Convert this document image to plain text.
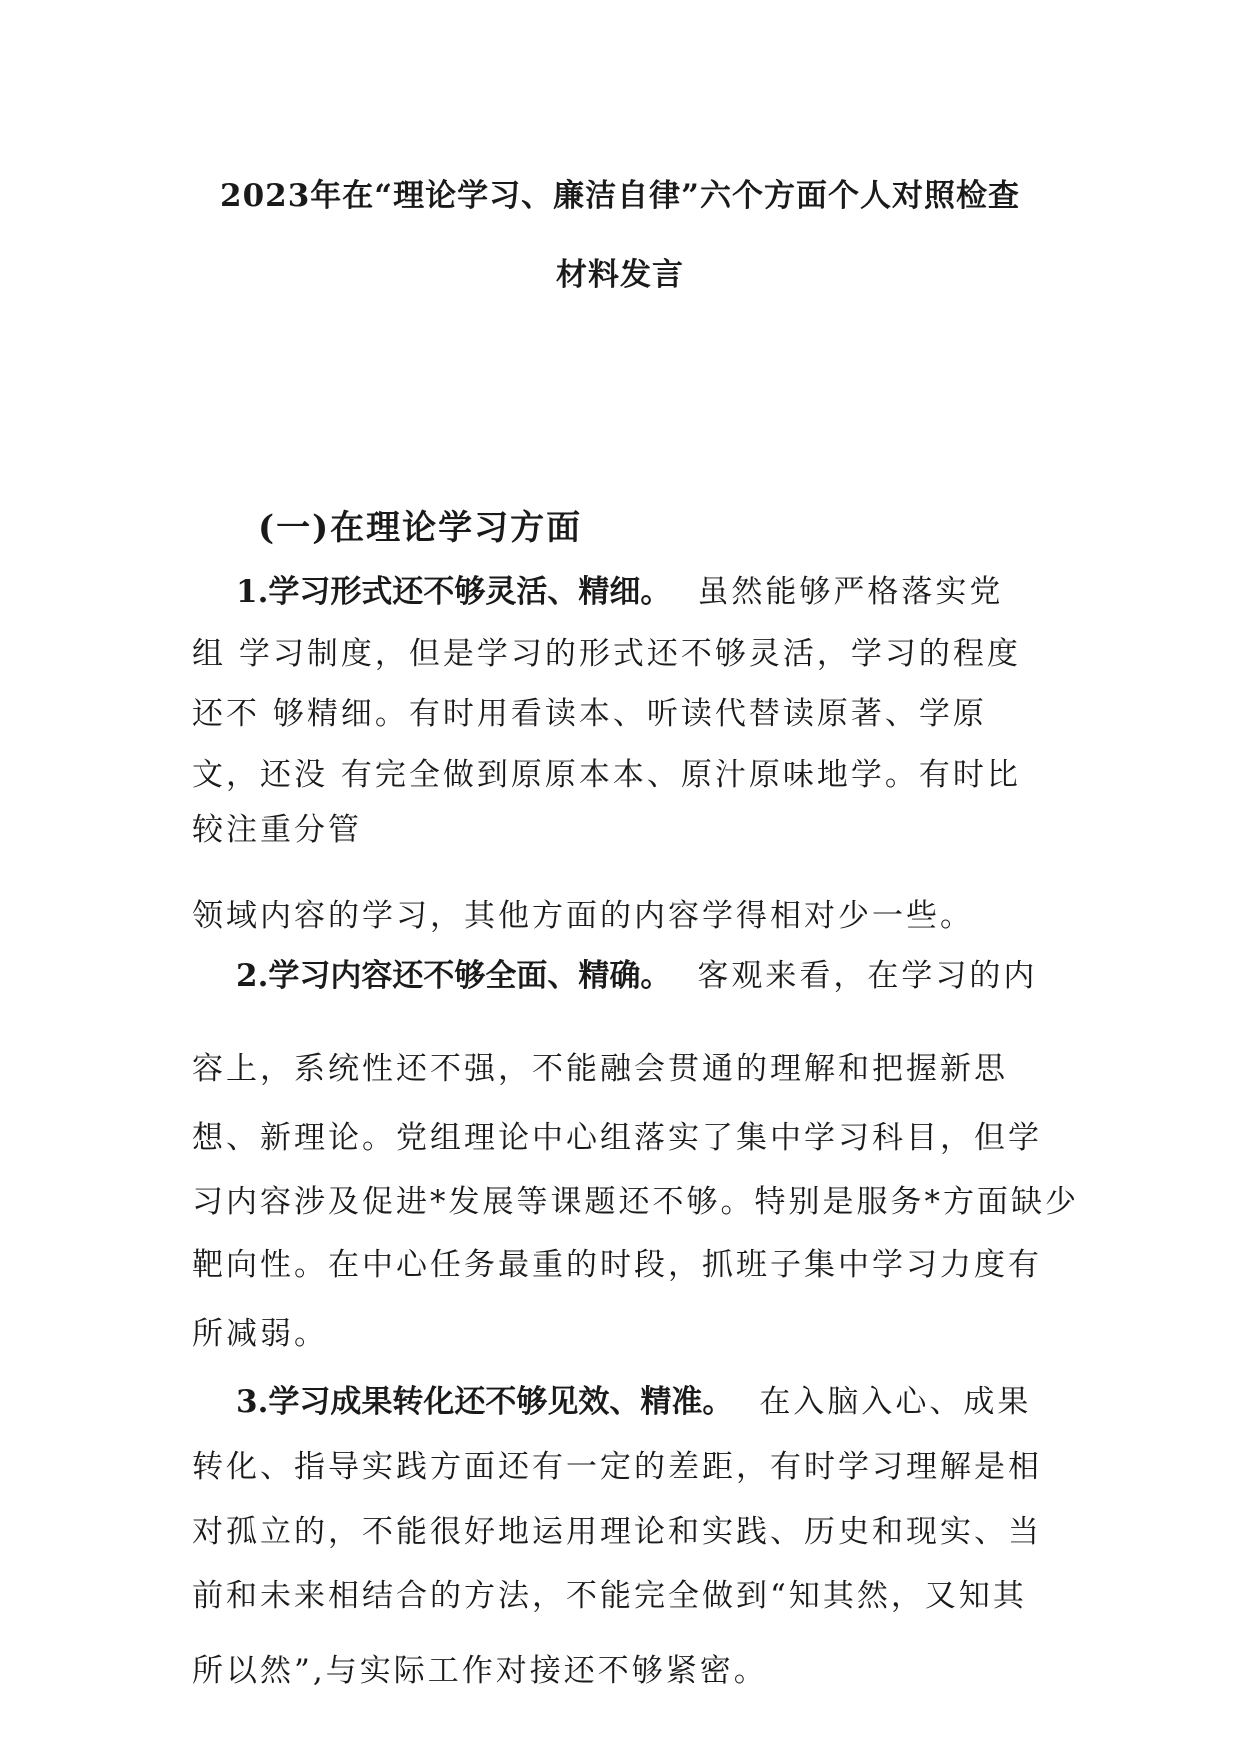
2023年在“理论学习、廉洁自律”六个方面个人对照检查
材料发言
(一)在理论学习方面
1.学习形式还不够灵活、精细。 虽然能够严格落实党
组 学习制度，但是学习的形式还不够灵活，学习的程度
还不 够精细。有时用看读本、听读代替读原著、学原
文，还没 有完全做到原原本本、原汁原味地学。有时比
较注重分管
领域内容的学习，其他方面的内容学得相对少一些。
2.学习内容还不够全面、精确。 客观来看，在学习的内
容上，系统性还不强，不能融会贯通的理解和把握新思
想、新理论。党组理论中心组落实了集中学习科目，但学
习内容涉及促进*发展等课题还不够。特别是服务*方面缺少
靶向性。在中心任务最重的时段，抓班子集中学习力度有
所减弱。
3.学习成果转化还不够见效、精准。 在入脑入心、成果
转化、指导实践方面还有一定的差距，有时学习理解是相
对孤立的，不能很好地运用理论和实践、历史和现实、当
前和未来相结合的方法，不能完全做到“知其然，又知其
所以然”,与实际工作对接还不够紧密。
